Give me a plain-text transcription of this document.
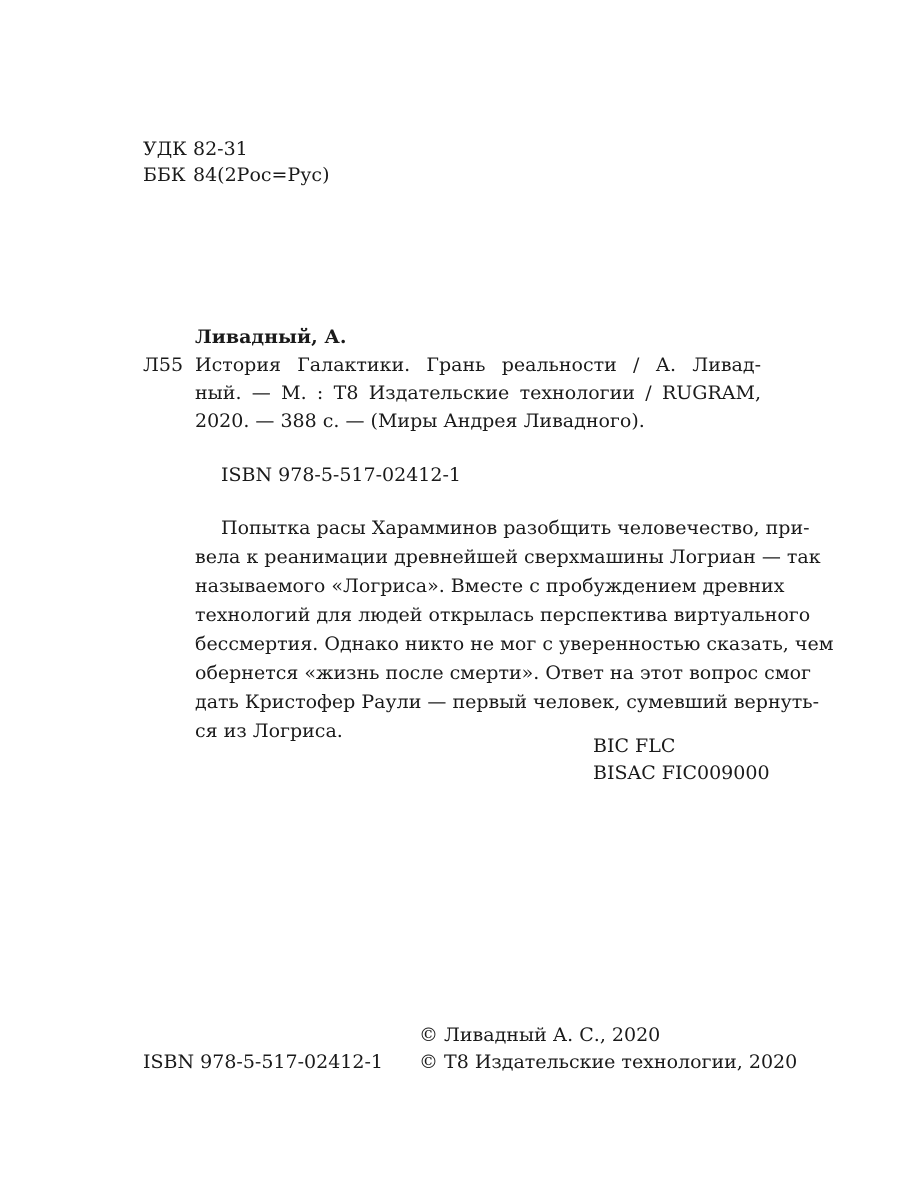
УДК 82-31
ББК 84(2Рос=Рус)
Ливадный, А.
Л55 История Галактики. Грань реальности / А. Ливад-
ный. — М. : Т8 Издательские технологии / RUGRAM,
2020. — 388 с. — (Миры Андрея Ливадного).
ISBN 978-5-517-02412-1
Попытка расы Харамминов разобщить человечество, при-
вела к реанимации древнейшей сверхмашины Логриан — так
называемого «Логриса». Вместе с пробуждением древних
технологий для людей открылась перспектива виртуального
бессмертия. Однако никто не мог с уверенностью сказать, чем
обернется «жизнь после смерти». Ответ на этот вопрос смог
дать Кристофер Раули — первый человек, сумевший вернуть-
ся из Логриса.
BIC FLC
BISAC FIC009000
© Ливадный А. С., 2020
ISBN 978-5-517-02412-1 © Т8 Издательские технологии, 2020
